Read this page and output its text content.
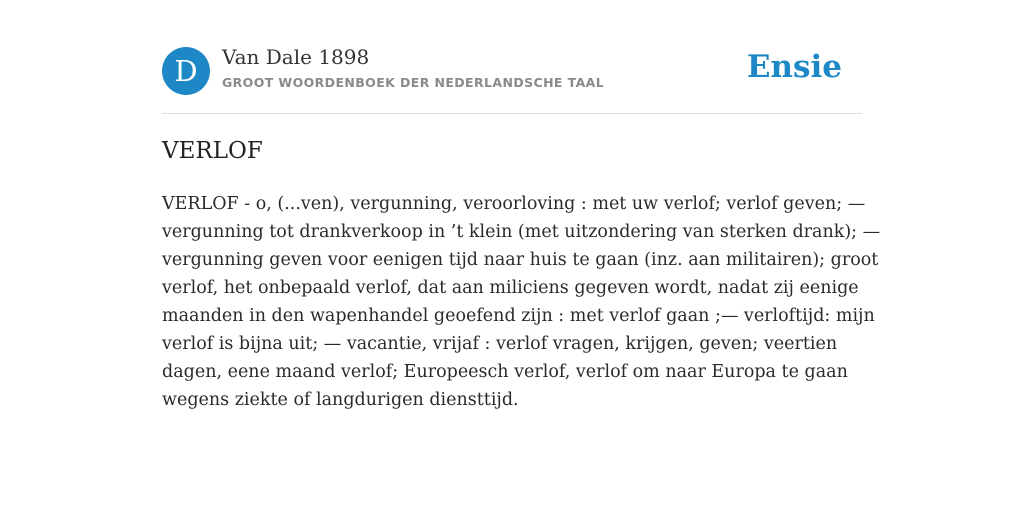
D	Van Dale 1898
GROOT WOORDENBOEK DER NEDERLANDSCHE TAAL	Ensie
VERLOF
VERLOF - o, (...ven), vergunning, veroorloving : met uw verlof; verlof geven; —
vergunning tot drankverkoop in ’t klein (met uitzondering van sterken drank); —
vergunning geven voor eenigen tijd naar huis te gaan (inz. aan militairen); groot
verlof, het onbepaald verlof, dat aan miliciens gegeven wordt, nadat zij eenige
maanden in den wapenhandel geoefend zijn : met verlof gaan ;— verloftijd: mijn
verlof is bijna uit; — vacantie, vrijaf : verlof vragen, krijgen, geven; veertien
dagen, eene maand verlof; Europeesch verlof, verlof om naar Europa te gaan
wegens ziekte of langdurigen diensttijd.
